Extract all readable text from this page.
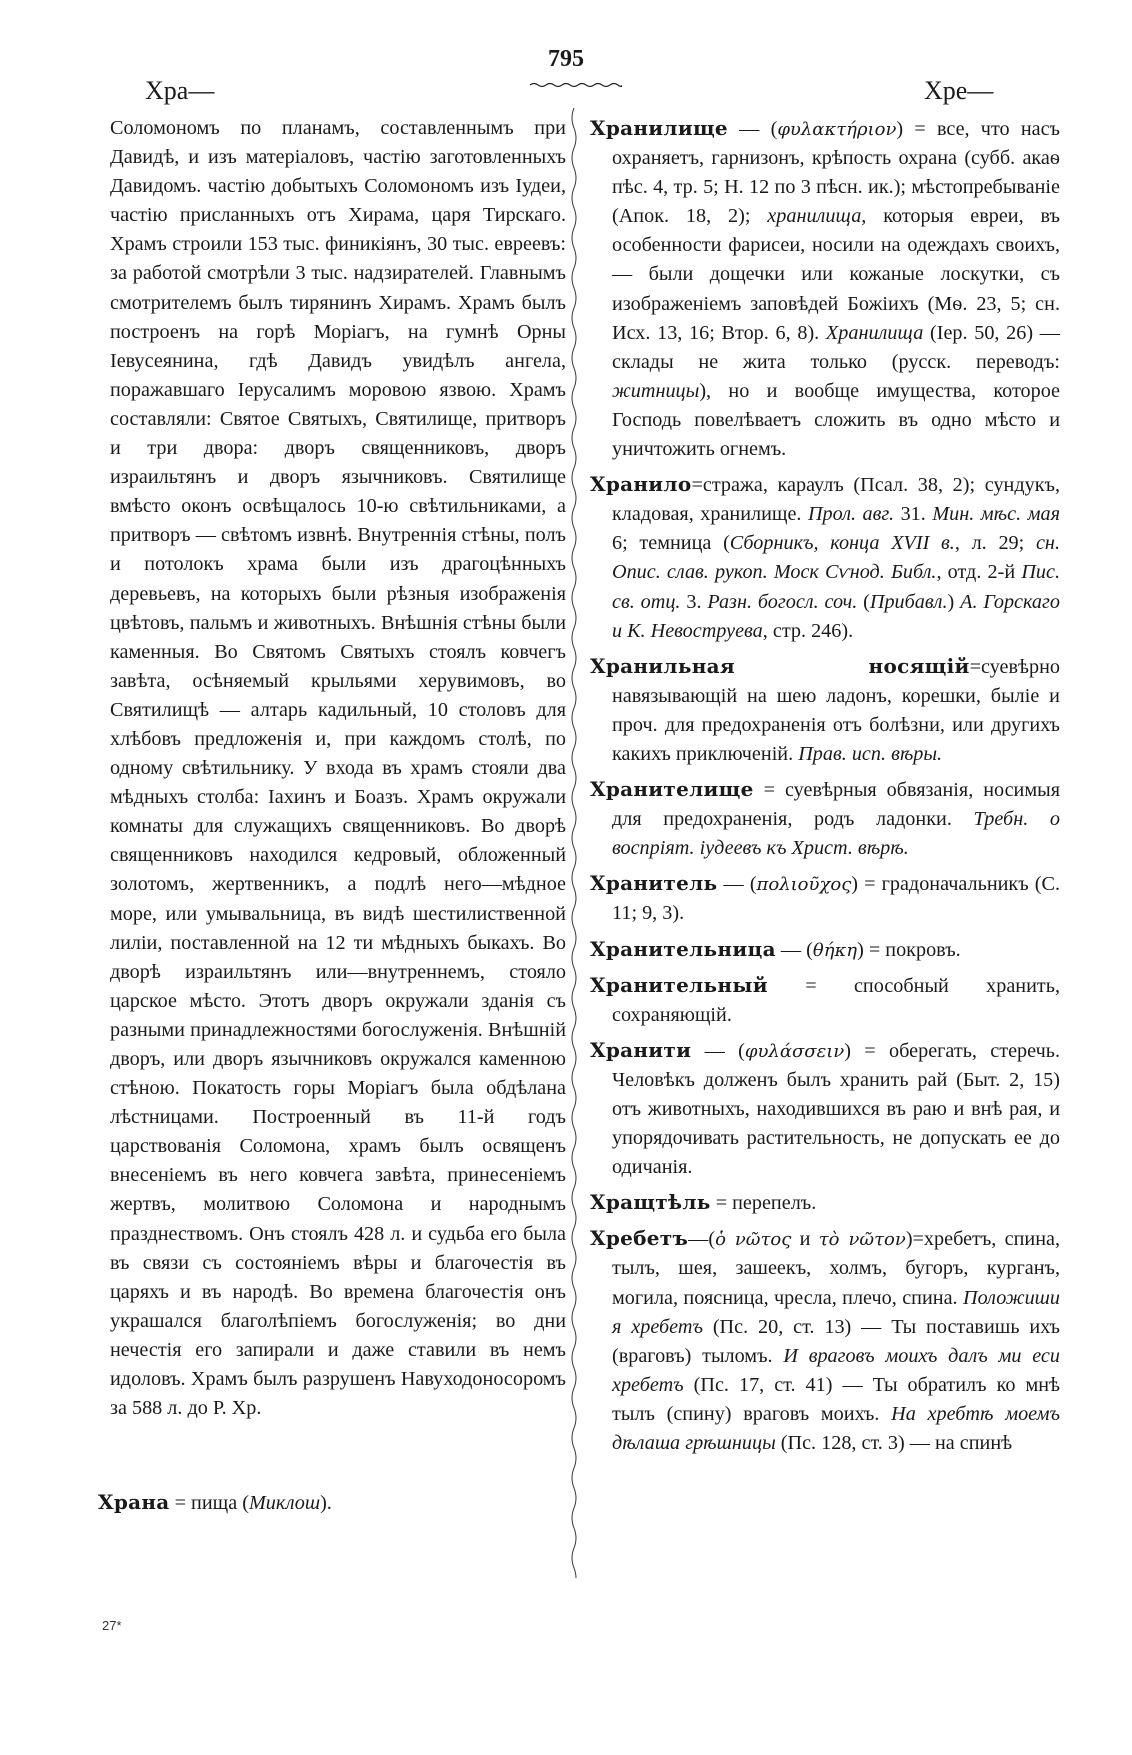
795
Хра—	Хре—

Соломономъ по планамъ, составленнымъ при Давидѣ, и изъ матеріаловъ, частію заготовленныхъ Давидомъ. частію добытыхъ Соломономъ изъ Іудеи, частію присланныхъ отъ Хирама, царя Тирскаго. Храмъ строили 153 тыс. финикіянъ, 30 тыс. евреевъ: за работой смотрѣли 3 тыс. надзирателей. Главнымъ смотрителемъ былъ тирянинъ Хирамъ. Храмъ былъ построенъ на горѣ Моріагъ, на гумнѣ Орны Іевусеянина, гдѣ Давидъ увидѣлъ ангела, поражавшаго Іерусалимъ моровою язвою. Храмъ составляли: Святое Святыхъ, Святилище, притворъ и три двора: дворъ священниковъ, дворъ израильтянъ и дворъ язычниковъ. Святилище вмѣсто оконъ освѣщалось 10-ю свѣтильниками, а притворъ — свѣтомъ извнѣ. Внутреннія стѣны, полъ и потолокъ храма были изъ драгоцѣнныхъ деревьевъ, на которыхъ были рѣзныя изображенія цвѣтовъ, пальмъ и животныхъ. Внѣшнія стѣны были каменныя. Во Святомъ Святыхъ стоялъ ковчегъ завѣта, осѣняемый крыльями херувимовъ, во Святилищѣ — алтарь кадильный, 10 столовъ для хлѣбовъ предложенія и, при каждомъ столѣ, по одному свѣтильнику. У входа въ храмъ стояли два мѣдныхъ столба: Іахинъ и Боазъ. Храмъ окружали комнаты для служащихъ священниковъ. Во дворѣ священниковъ находился кедровый, обложенный золотомъ, жертвенникъ, а подлѣ него—мѣдное море, или умывальница, въ видѣ шестилиственной лиліи, поставленной на 12 ти мѣдныхъ быкахъ. Во дворѣ израильтянъ или—внутреннемъ, стояло царское мѣсто. Этотъ дворъ окружали зданія съ разными принадлежностями богослуженія. Внѣшній дворъ, или дворъ язычниковъ окружался каменною стѣною. Покатость горы Моріагъ была обдѣлана лѣстницами. Построенный въ 11-й годъ царствованія Соломона, храмъ былъ освященъ внесеніемъ въ него ковчега завѣта, принесеніемъ жертвъ, молитвою Соломона и народнымъ празднествомъ. Онъ стоялъ 428 л. и судьба его была въ связи съ состояніемъ вѣры и благочестія въ царяхъ и въ народѣ. Во времена благочестія онъ украшался благолѣпіемъ богослуженія; во дни нечестія его запирали и даже ставили въ немъ идоловъ. Храмъ былъ разрушенъ Навуходоносоромъ за 588 л. до Р. Хр.

Храна = пища (Миклош).
Хранилище — (φυλακτήριον) = все, что насъ охраняетъ, гарнизонъ, крѣпость охрана (субб. акаѳ пѣс. 4, тр. 5; Н. 12 по 3 пѣсн. ик.); мѣстопребываніе (Апок. 18, 2); хранилища, которыя евреи, въ особенности фарисеи, носили на одеждахъ своихъ, — были дощечки или кожаные лоскутки, съ изображеніемъ заповѣдей Божіихъ (Мѳ. 23, 5; сн. Исх. 13, 16; Втор. 6, 8). Хранилища (Іер. 50, 26) — склады не жита только (русск. переводъ: житницы), но и вообще имущества, которое Господь повелѣваетъ сложить въ одно мѣсто и уничтожить огнемъ.
Хранило=стража, караулъ (Псал. 38, 2); сундукъ, кладовая, хранилище. Прол. авг. 31. Мин. мѣс. мая 6; темница (Сборникъ, конца XVII в., л. 29; сн. Опис. слав. рукоп. Моск Сѵнод. Библ., отд. 2-й Пис. св. отц. 3. Разн. богосл. соч. (Прибавл.) А. Горскаго и К. Невоструева, стр. 246).
Хранильная носящій=суевѣрно навязывающій на шею ладонъ, корешки, быліе и проч. для предохраненія отъ болѣзни, или другихъ какихъ приключеній. Прав. исп. вѣры.
Хранителище = суевѣрныя обвязанія, носимыя для предохраненія, родъ ладонки. Требн. о воспріят. іудеевъ къ Христ. вѣрѣ.
Хранитель — (πολιοῦχος) = градоначальникъ (С. 11; 9, 3).
Хранительница — (θήκη) = покровъ.
Хранительный = способный хранить, сохраняющій.
Хранити — (φυλάσσειν) = оберегать, стеречь. Человѣкъ долженъ былъ хранить рай (Быт. 2, 15) отъ животныхъ, находившихся въ раю и внѣ рая, и упорядочивать растительность, не допускать ее до одичанія.
Хращтѣль = перепелъ.
Хребетъ—(ὁ νῶτος и τὸ νῶτον)=хребетъ, спина, тылъ, шея, зашеекъ, холмъ, бугоръ, курганъ, могила, поясница, чресла, плечо, спина. Положиши я хребетъ (Пс. 20, ст. 13) — Ты поставишь ихъ (враговъ) тыломъ. И враговъ моихъ далъ ми еси хребетъ (Пс. 17, ст. 41) — Ты обратилъ ко мнѣ тылъ (спину) враговъ моихъ. На хребтѣ моемъ дѣлаша грѣшницы (Пс. 128, ст. 3) — на спинѣ
27*
